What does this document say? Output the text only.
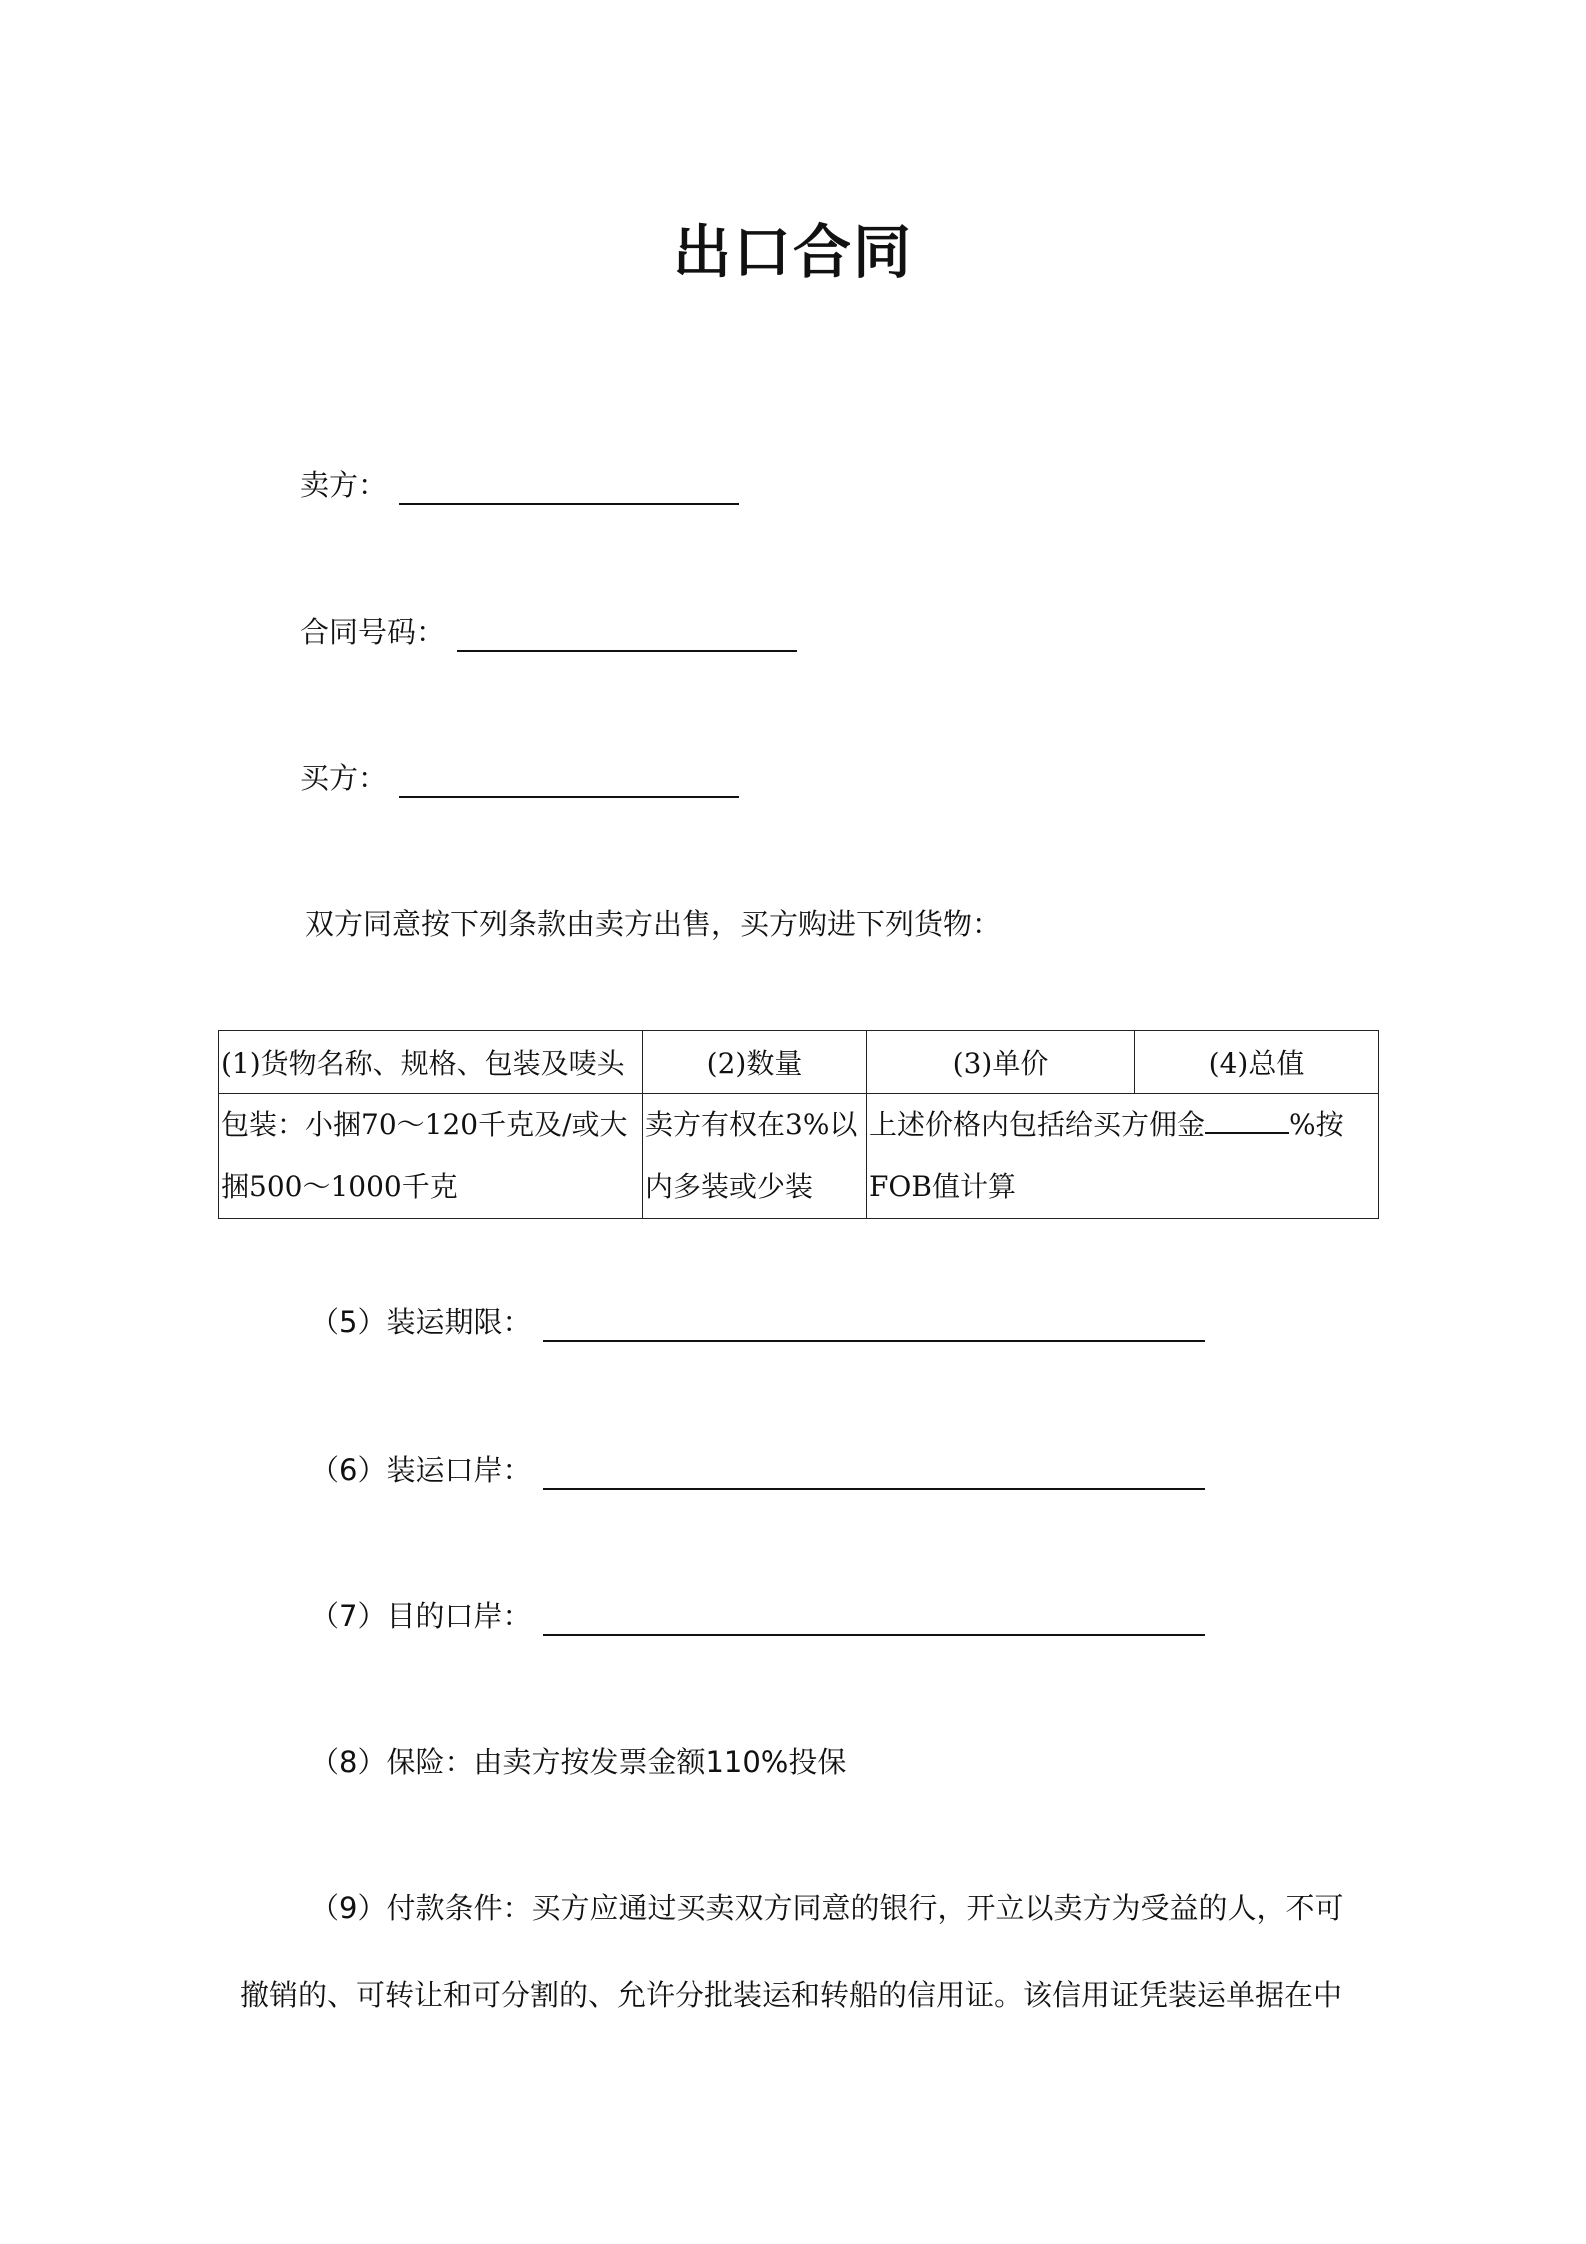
出口合同
卖方：
合同号码：
买方：
双方同意按下列条款由卖方出售，买方购进下列货物：
(1)货物名称、规格、包装及唛头	(2)数量	(3)单价	(4)总值

包装：小捆70～120千克及/或大
捆500～1000千克	卖方有权在3%以
内多装或少装	上述价格内包括给买方佣金 %按
FOB值计算	
（5）装运期限：
（6）装运口岸：
（7）目的口岸：
（8）保险：由卖方按发票金额110%投保
（9）付款条件：买方应通过买卖双方同意的银行，开立以卖方为受益的人，不可
撤销的、可转让和可分割的、允许分批装运和转船的信用证。该信用证凭装运单据在中
